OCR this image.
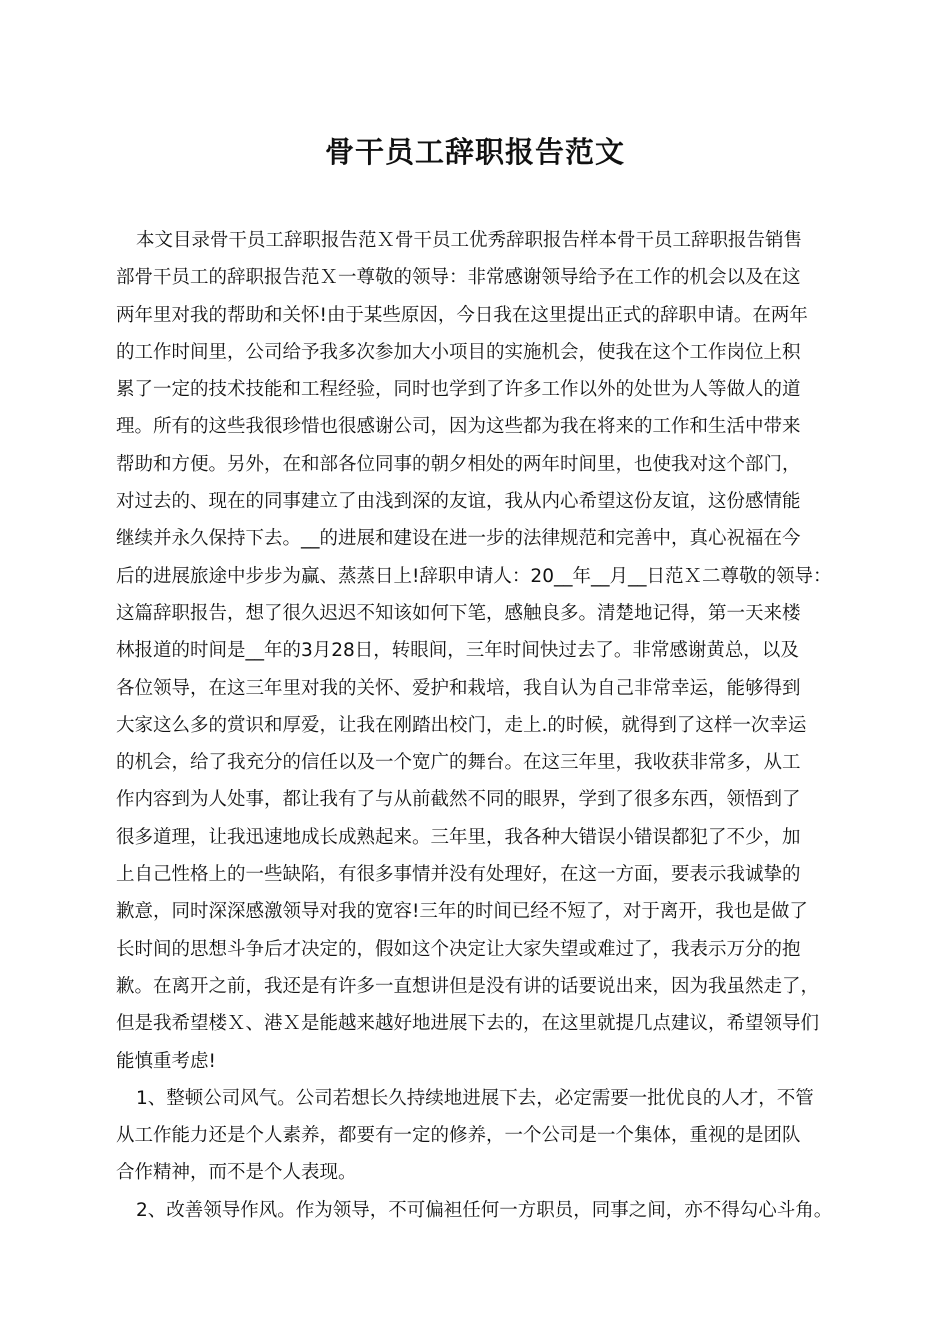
骨干员工辞职报告范文
本文目录骨干员工辞职报告范Ｘ骨干员工优秀辞职报告样本骨干员工辞职报告销售
部骨干员工的辞职报告范Ｘ一尊敬的领导：非常感谢领导给予在工作的机会以及在这
两年里对我的帮助和关怀!由于某些原因，今日我在这里提出正式的辞职申请。在两年
的工作时间里，公司给予我多次参加大小项目的实施机会，使我在这个工作岗位上积
累了一定的技术技能和工程经验，同时也学到了许多工作以外的处世为人等做人的道
理。所有的这些我很珍惜也很感谢公司，因为这些都为我在将来的工作和生活中带来
帮助和方便。另外，在和部各位同事的朝夕相处的两年时间里，也使我对这个部门，
对过去的、现在的同事建立了由浅到深的友谊，我从内心希望这份友谊，这份感情能
继续并永久保持下去。__的进展和建设在进一步的法律规范和完善中，真心祝福在今
后的进展旅途中步步为赢、蒸蒸日上!辞职申请人：20__年__月__日范Ｘ二尊敬的领导：
这篇辞职报告，想了很久迟迟不知该如何下笔，感触良多。清楚地记得，第一天来楼
林报道的时间是__年的3月28日，转眼间，三年时间快过去了。非常感谢黄总，以及
各位领导，在这三年里对我的关怀、爱护和栽培，我自认为自己非常幸运，能够得到
大家这么多的赏识和厚爱，让我在刚踏出校门，走上.的时候，就得到了这样一次幸运
的机会，给了我充分的信任以及一个宽广的舞台。在这三年里，我收获非常多，从工
作内容到为人处事，都让我有了与从前截然不同的眼界，学到了很多东西，领悟到了
很多道理，让我迅速地成长成熟起来。三年里，我各种大错误小错误都犯了不少，加
上自己性格上的一些缺陷，有很多事情并没有处理好，在这一方面，要表示我诚挚的
歉意，同时深深感激领导对我的宽容!三年的时间已经不短了，对于离开，我也是做了
长时间的思想斗争后才决定的，假如这个决定让大家失望或难过了，我表示万分的抱
歉。在离开之前，我还是有许多一直想讲但是没有讲的话要说出来，因为我虽然走了，
但是我希望楼Ｘ、港Ｘ是能越来越好地进展下去的，在这里就提几点建议，希望领导们
能慎重考虑!
1、整顿公司风气。公司若想长久持续地进展下去，必定需要一批优良的人才，不管
从工作能力还是个人素养，都要有一定的修养，一个公司是一个集体，重视的是团队
合作精神，而不是个人表现。
2、改善领导作风。作为领导，不可偏袒任何一方职员，同事之间，亦不得勾心斗角。
